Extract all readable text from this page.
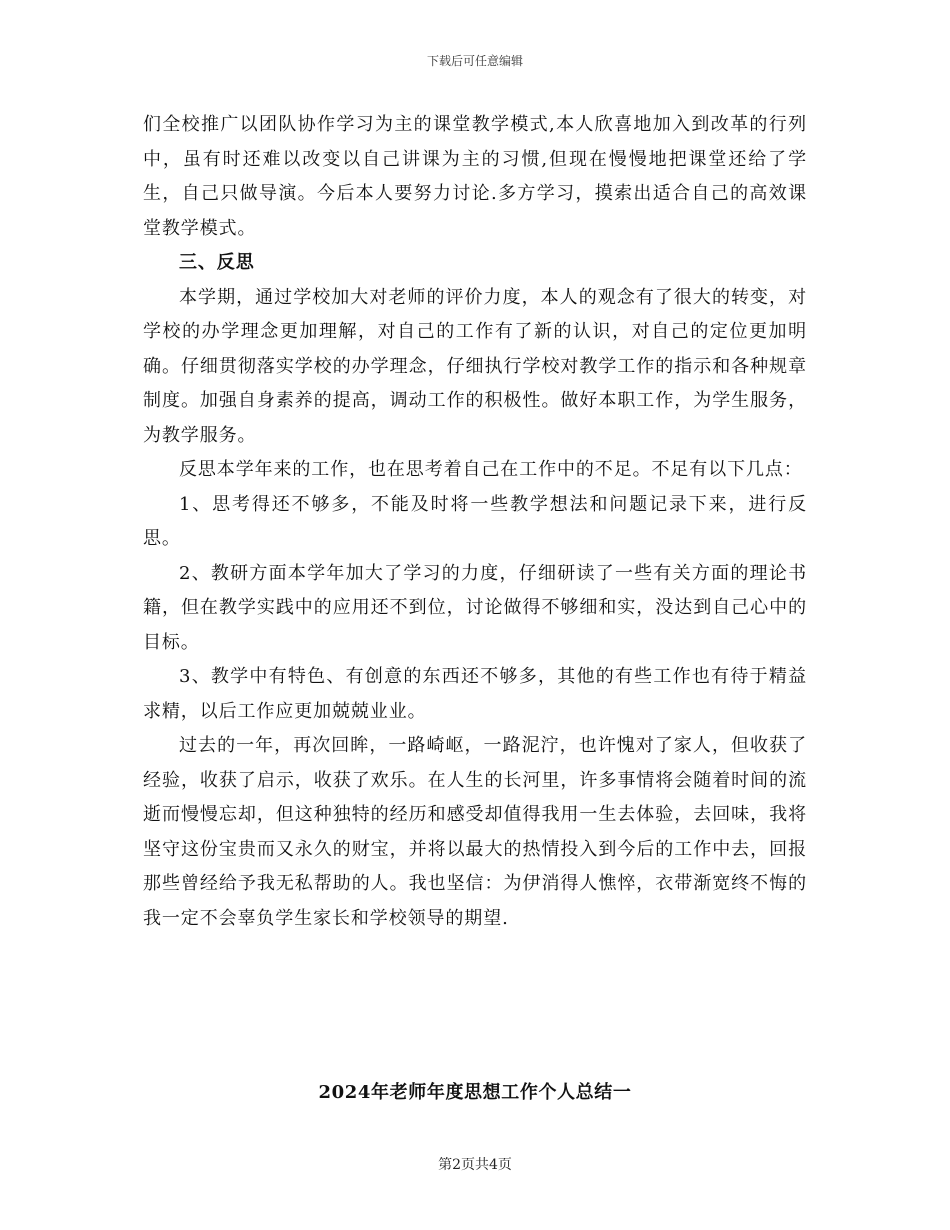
下载后可任意编辑

们全校推广以团队协作学习为主的课堂教学模式,本人欣喜地加入到改革的行列中，虽有时还难以改变以自己讲课为主的习惯,但现在慢慢地把课堂还给了学生，自己只做导演。今后本人要努力讨论.多方学习，摸索出适合自己的高效课堂教学模式。

三、反思

本学期，通过学校加大对老师的评价力度，本人的观念有了很大的转变，对学校的办学理念更加理解，对自己的工作有了新的认识，对自己的定位更加明确。仔细贯彻落实学校的办学理念，仔细执行学校对教学工作的指示和各种规章制度。加强自身素养的提高，调动工作的积极性。做好本职工作，为学生服务，为教学服务。

反思本学年来的工作，也在思考着自己在工作中的不足。不足有以下几点：

1、思考得还不够多，不能及时将一些教学想法和问题记录下来，进行反思。

2、教研方面本学年加大了学习的力度，仔细研读了一些有关方面的理论书籍，但在教学实践中的应用还不到位，讨论做得不够细和实，没达到自己心中的目标。

3、教学中有特色、有创意的东西还不够多，其他的有些工作也有待于精益求精，以后工作应更加兢兢业业。

过去的一年，再次回眸，一路崎岖，一路泥泞，也许愧对了家人，但收获了经验，收获了启示，收获了欢乐。在人生的长河里，许多事情将会随着时间的流逝而慢慢忘却，但这种独特的经历和感受却值得我用一生去体验，去回味，我将坚守这份宝贵而又永久的财宝，并将以最大的热情投入到今后的工作中去，回报那些曾经给予我无私帮助的人。我也坚信：为伊消得人憔悴，衣带渐宽终不悔的我一定不会辜负学生家长和学校领导的期望.

2024年老师年度思想工作个人总结一
第2页共4页
